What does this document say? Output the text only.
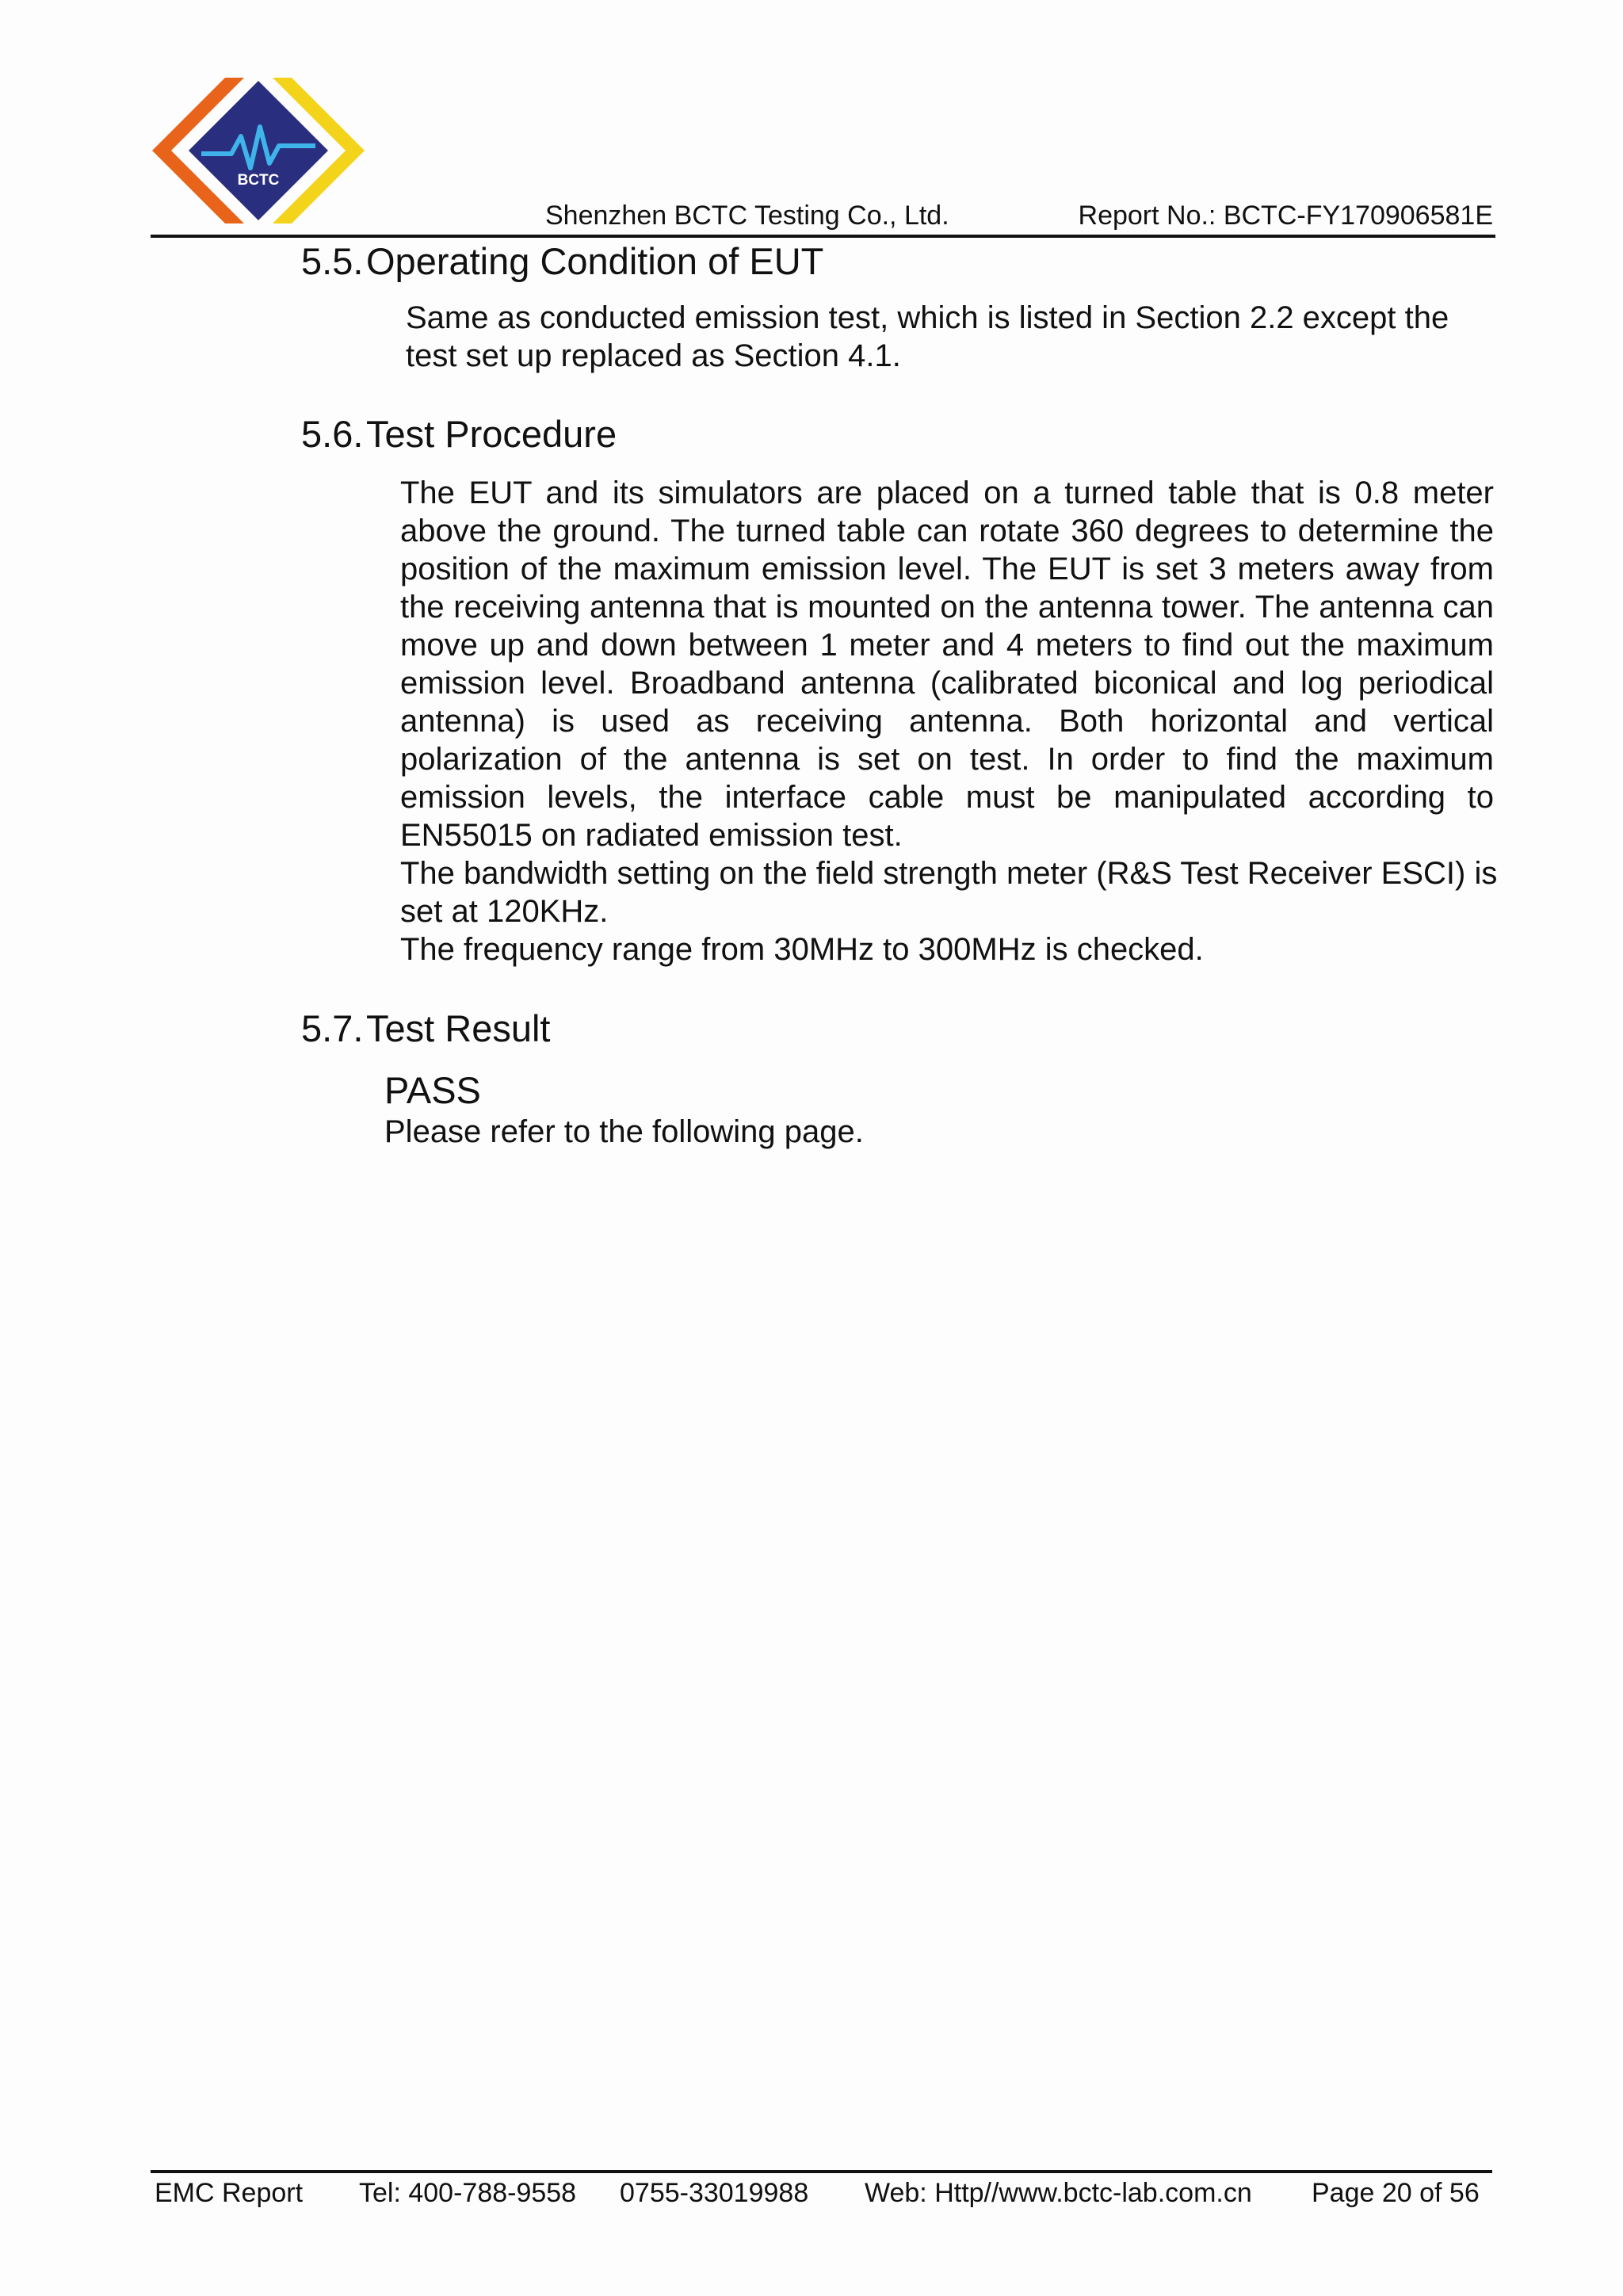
BCTC
Shenzhen BCTC Testing Co., Ltd.	Report No.: BCTC-FY170906581E
5.5.Operating Condition of EUT

Same as conducted emission test, which is listed in Section 2.2 except the test set up replaced as Section 4.1.

5.6.Test Procedure

The EUT and its simulators are placed on a turned table that is 0.8 meter above the ground. The turned table can rotate 360 degrees to determine the position of the maximum emission level. The EUT is set 3 meters away from the receiving antenna that is mounted on the antenna tower. The antenna can move up and down between 1 meter and 4 meters to find out the maximum emission level. Broadband antenna (calibrated biconical and log periodical antenna) is used as receiving antenna. Both horizontal and vertical polarization of the antenna is set on test. In order to find the maximum emission levels, the interface cable must be manipulated according to EN55015 on radiated emission test.

The bandwidth setting on the field strength meter (R&S Test Receiver ESCI) is set at 120KHz.

The frequency range from 30MHz to 300MHz is checked.

5.7.Test Result
PASS
Please refer to the following page.
EMC Report Tel: 400-788-9558 0755-33019988 Web: Http//www.bctc-lab.com.cn Page 20 of 56
